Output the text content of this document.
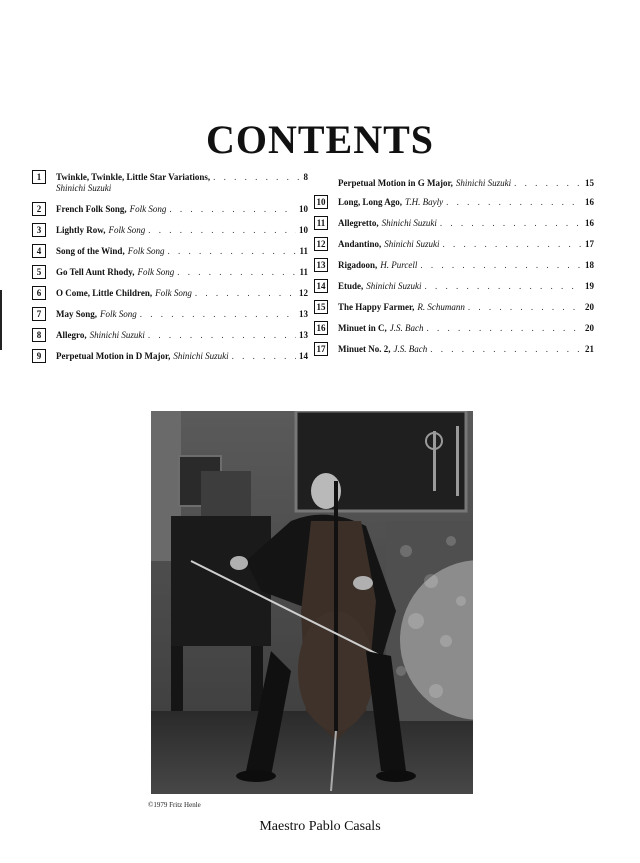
CONTENTS
1	Twinkle, Twinkle, Little Star Variations, . . .	8
Shinichi Suzuki
2	French Folk Song, Folk Song . . .	10
3	Lightly Row, Folk Song . . .	10
4	Song of the Wind, Folk Song . . .	11
5	Go Tell Aunt Rhody, Folk Song . . .	11
6	O Come, Little Children, Folk Song . . .	12
7	May Song, Folk Song . . .	13
8	Allegro, Shinichi Suzuki . . .	13
9	Perpetual Motion in D Major, Shinichi Suzuki . . .	14
Perpetual Motion in G Major, Shinichi Suzuki . . .	15
10 Long, Long Ago, T.H. Bayly . . .	16
11	Allegretto, Shinichi Suzuki . . .	16
12 Andantino, Shinichi Suzuki . . .	17
13 Rigadoon, H. Purcell . . .	18
14 Etude, Shinichi Suzuki . . .	19
15 The Happy Farmer, R. Schumann . . .	20
16 Minuet in C, J.S. Bach . . .	20
17 Minuet No. 2, J.S. Bach . . .	21
©1979 Fritz Henle
Maestro Pablo Casals
